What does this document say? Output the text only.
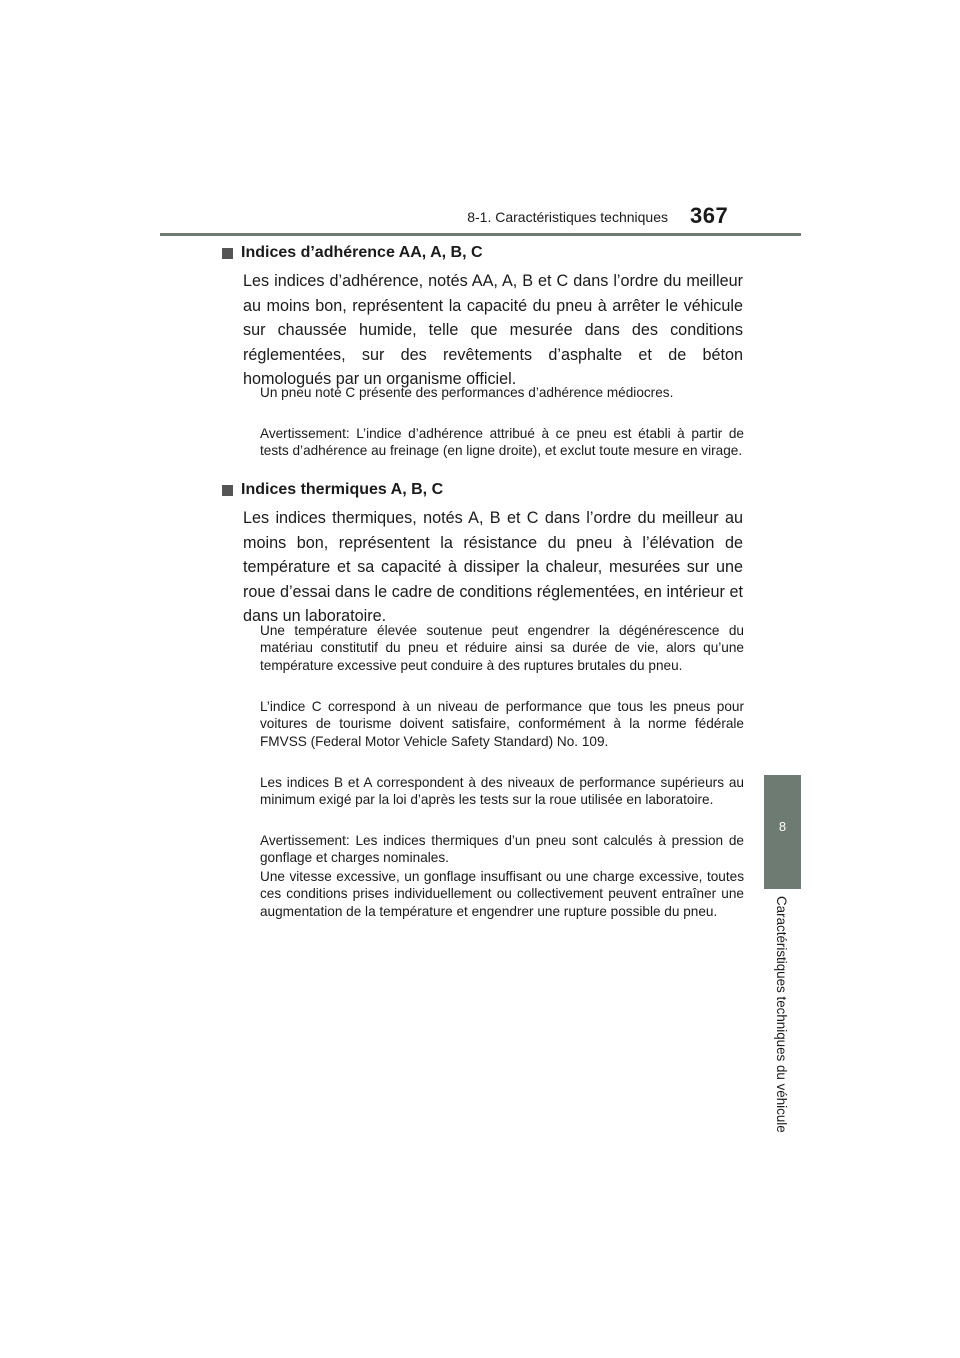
8-1. Caractéristiques techniques 367
8
Caractéristiques techniques du véhicule
Indices d’adhérence AA, A, B, C
Les indices d’adhérence, notés AA, A, B et C dans l’ordre du meilleur au moins bon, représentent la capacité du pneu à arrêter le véhicule sur chaussée humide, telle que mesurée dans des conditions réglementées, sur des revêtements d’asphalte et de béton homologués par un organisme officiel.
Un pneu noté C présente des performances d’adhérence médiocres.
Avertissement: L’indice d’adhérence attribué à ce pneu est établi à partir de tests d’adhérence au freinage (en ligne droite), et exclut toute mesure en virage.
Indices thermiques A, B, C
Les indices thermiques, notés A, B et C dans l’ordre du meilleur au moins bon, représentent la résistance du pneu à l’élévation de température et sa capacité à dissiper la chaleur, mesurées sur une roue d’essai dans le cadre de conditions réglementées, en intérieur et dans un laboratoire.
Une température élevée soutenue peut engendrer la dégénérescence du matériau constitutif du pneu et réduire ainsi sa durée de vie, alors qu’une température excessive peut conduire à des ruptures brutales du pneu.
L’indice C correspond à un niveau de performance que tous les pneus pour voitures de tourisme doivent satisfaire, conformément à la norme fédérale FMVSS (Federal Motor Vehicle Safety Standard) No. 109.
Les indices B et A correspondent à des niveaux de performance supérieurs au minimum exigé par la loi d’après les tests sur la roue utilisée en laboratoire.
Avertissement: Les indices thermiques d’un pneu sont calculés à pression de gonflage et charges nominales.
Une vitesse excessive, un gonflage insuffisant ou une charge excessive, toutes ces conditions prises individuellement ou collectivement peuvent entraîner une augmentation de la température et engendrer une rupture possible du pneu.
